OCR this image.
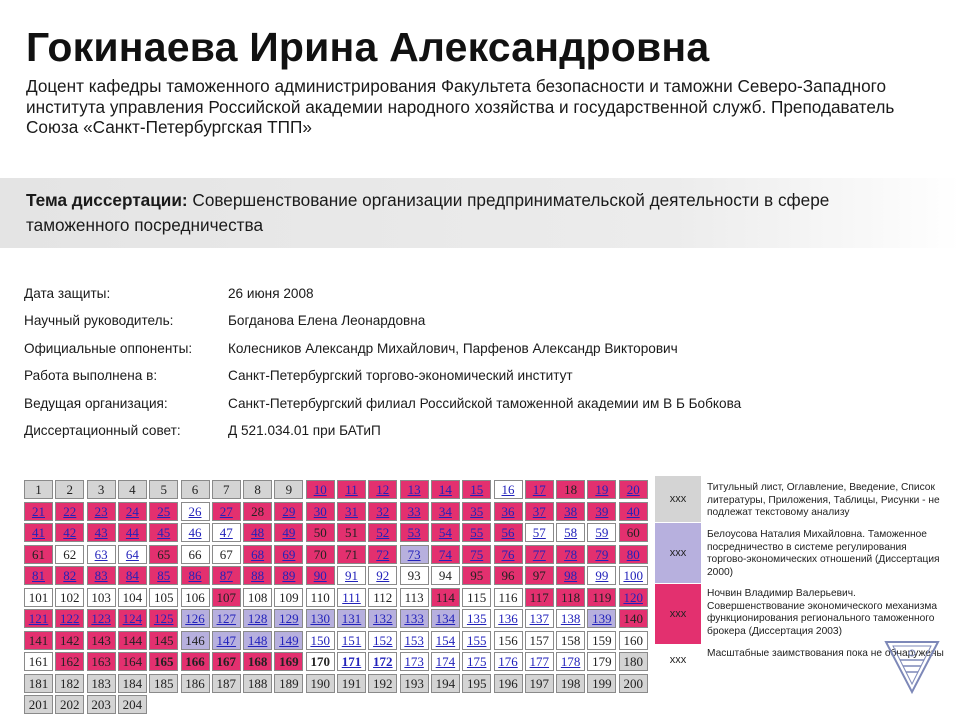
Гокинаева Ирина Александровна
Доцент кафедры таможенного администрирования Факультета безопасности и таможни Северо-Западного института управления Российской академии народного хозяйства и государственной служб. Преподаватель Союза «Санкт-Петербургская ТПП»
Тема диссертации: Совершенствование организации предпринимательской деятельности в сфере таможенного посредничества
Дата защиты:	26 июня 2008
Научный руководитель:	Богданова Елена Леонардовна
Официальные оппоненты:	Колесников Александр Михайлович, Парфенов Александр Викторович
Работа выполнена в:	Санкт-Петербургский торгово-экономический институт
Ведущая организация:	Санкт-Петербургский филиал Российской таможенной академии им В Б Бобкова
Диссертационный совет:	Д 521.034.01 при БАТиП
1	2	3	4	5	6	7	8	9	10	11	12	13	14	15	16	17	18	19	20
21	22	23	24	25	26	27	28	29	30	31	32	33	34	35	36	37	38	39	40
41	42	43	44	45	46	47	48	49	50	51	52	53	54	55	56	57	58	59	60
61	62	63	64	65	66	67	68	69	70	71	72	73	74	75	76	77	78	79	80
81	82	83	84	85	86	87	88	89	90	91	92	93	94	95	96	97	98	99	100
101 102 103 104 105 106 107 108 109 110 111 112 113 114 115 116 117 118 119 120
121 122 123 124 125 126 127 128 129 130 131 132 133 134 135 136 137 138 139 140
141 142 143 144 145 146 147 148 149 150 151 152 153 154 155 156 157 158 159 160
161 162 163 164 165 166 167 168 169 170 171 172 173 174 175 176 177 178 179 180
181 182 183 184 185 186 187 188 189 190 191 192 193 194 195 196 197 198 199 200
201 202 203 204
xxx
Титульный лист, Оглавление, Введение, Список литературы, Приложения, Таблицы, Рисунки - не подлежат текстовому анализу
xxx
Белоусова Наталия Михайловна. Таможенное посредничество в системе регулирования торгово-экономических отношений (Диссертация 2000)
xxx
Ночвин Владимир Валерьевич. Совершенствование экономического механизма функционирования регионального таможенного брокера (Диссертация 2003)
xxx
Масштабные заимствования пока не обнаружены
